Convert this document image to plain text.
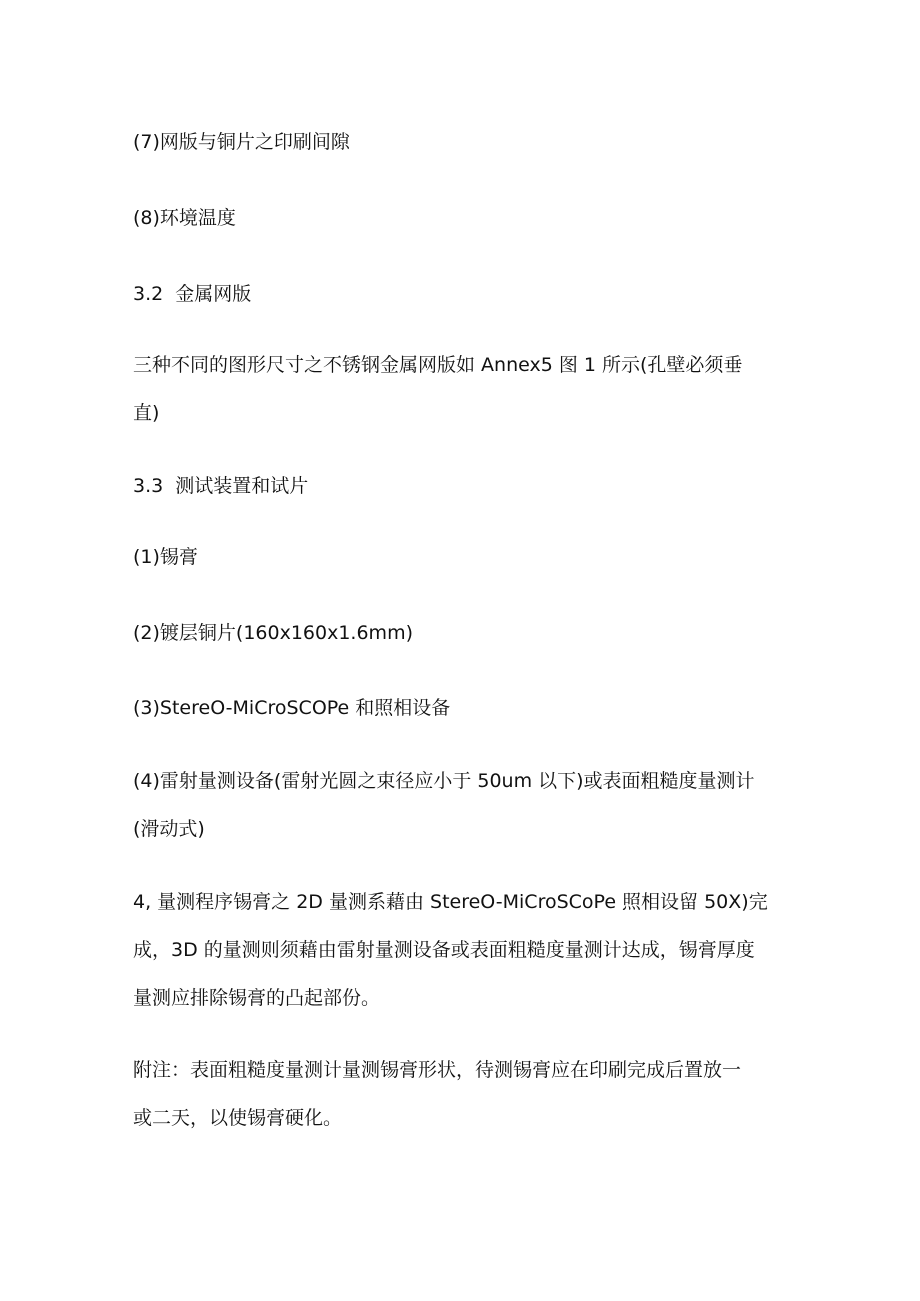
(7)网版与铜片之印刷间隙
(8)环境温度
3.2 金属网版
三种不同的图形尺寸之不锈钢金属网版如 Annex5 图 1 所示(孔壁必须垂
直)
3.3 测试装置和试片
(1)锡膏
(2)镀层铜片(160x160x1.6mm)
(3)StereO-MiCroSCOPe 和照相设备
(4)雷射量测设备(雷射光圆之束径应小于 50um 以下)或表面粗糙度量测计
(滑动式)
4, 量测程序锡膏之 2D 量测系藉由 StereO-MiCroSCoPe 照相设留 50X)完
成，3D 的量测则须藉由雷射量测设备或表面粗糙度量测计达成，锡膏厚度
量测应排除锡膏的凸起部份。
附注：表面粗糙度量测计量测锡膏形状，待测锡膏应在印刷完成后置放一
或二天，以使锡膏硬化。
